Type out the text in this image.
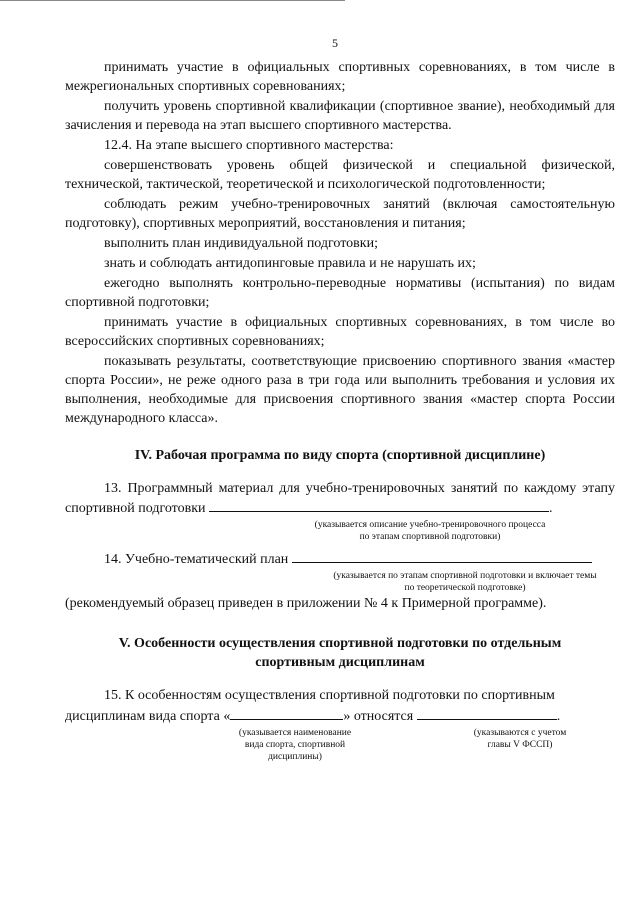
5

принимать участие в официальных спортивных соревнованиях, в том числе в межрегиональных спортивных соревнованиях;

получить уровень спортивной квалификации (спортивное звание), необходимый для зачисления и перевода на этап высшего спортивного мастерства.

12.4. На этапе высшего спортивного мастерства:

совершенствовать уровень общей физической и специальной физической, технической, тактической, теоретической и психологической подготовленности;

соблюдать режим учебно-тренировочных занятий (включая самостоятельную подготовку), спортивных мероприятий, восстановления и питания;

выполнить план индивидуальной подготовки;

знать и соблюдать антидопинговые правила и не нарушать их;

ежегодно выполнять контрольно-переводные нормативы (испытания) по видам спортивной подготовки;

принимать участие в официальных спортивных соревнованиях, в том числе во всероссийских спортивных соревнованиях;

показывать результаты, соответствующие присвоению спортивного звания «мастер спорта России», не реже одного раза в три года или выполнить требования и условия их выполнения, необходимые для присвоения спортивного звания «мастер спорта России международного класса».

IV. Рабочая программа по виду спорта (спортивной дисциплине)

13. Программный материал для учебно-тренировочных занятий по каждому этапу спортивной подготовки	.

(указывается описание учебно-тренировочного процесса

по этапам спортивной подготовки)

14. Учебно-тематический план

(указывается по этапам спортивной подготовки и включает темы

по теоретической подготовке)

(рекомендуемый образец приведен в приложении № 4 к Примерной программе).

V. Особенности осуществления спортивной подготовки по отдельным

спортивным дисциплинам

15. К особенностям осуществления спортивной подготовки по спортивным

дисциплинам вида спорта «	» относятся	.

(указывается наименование

вида спорта, спортивной

дисциплины)

(указываются с учетом

главы V ФССП)
